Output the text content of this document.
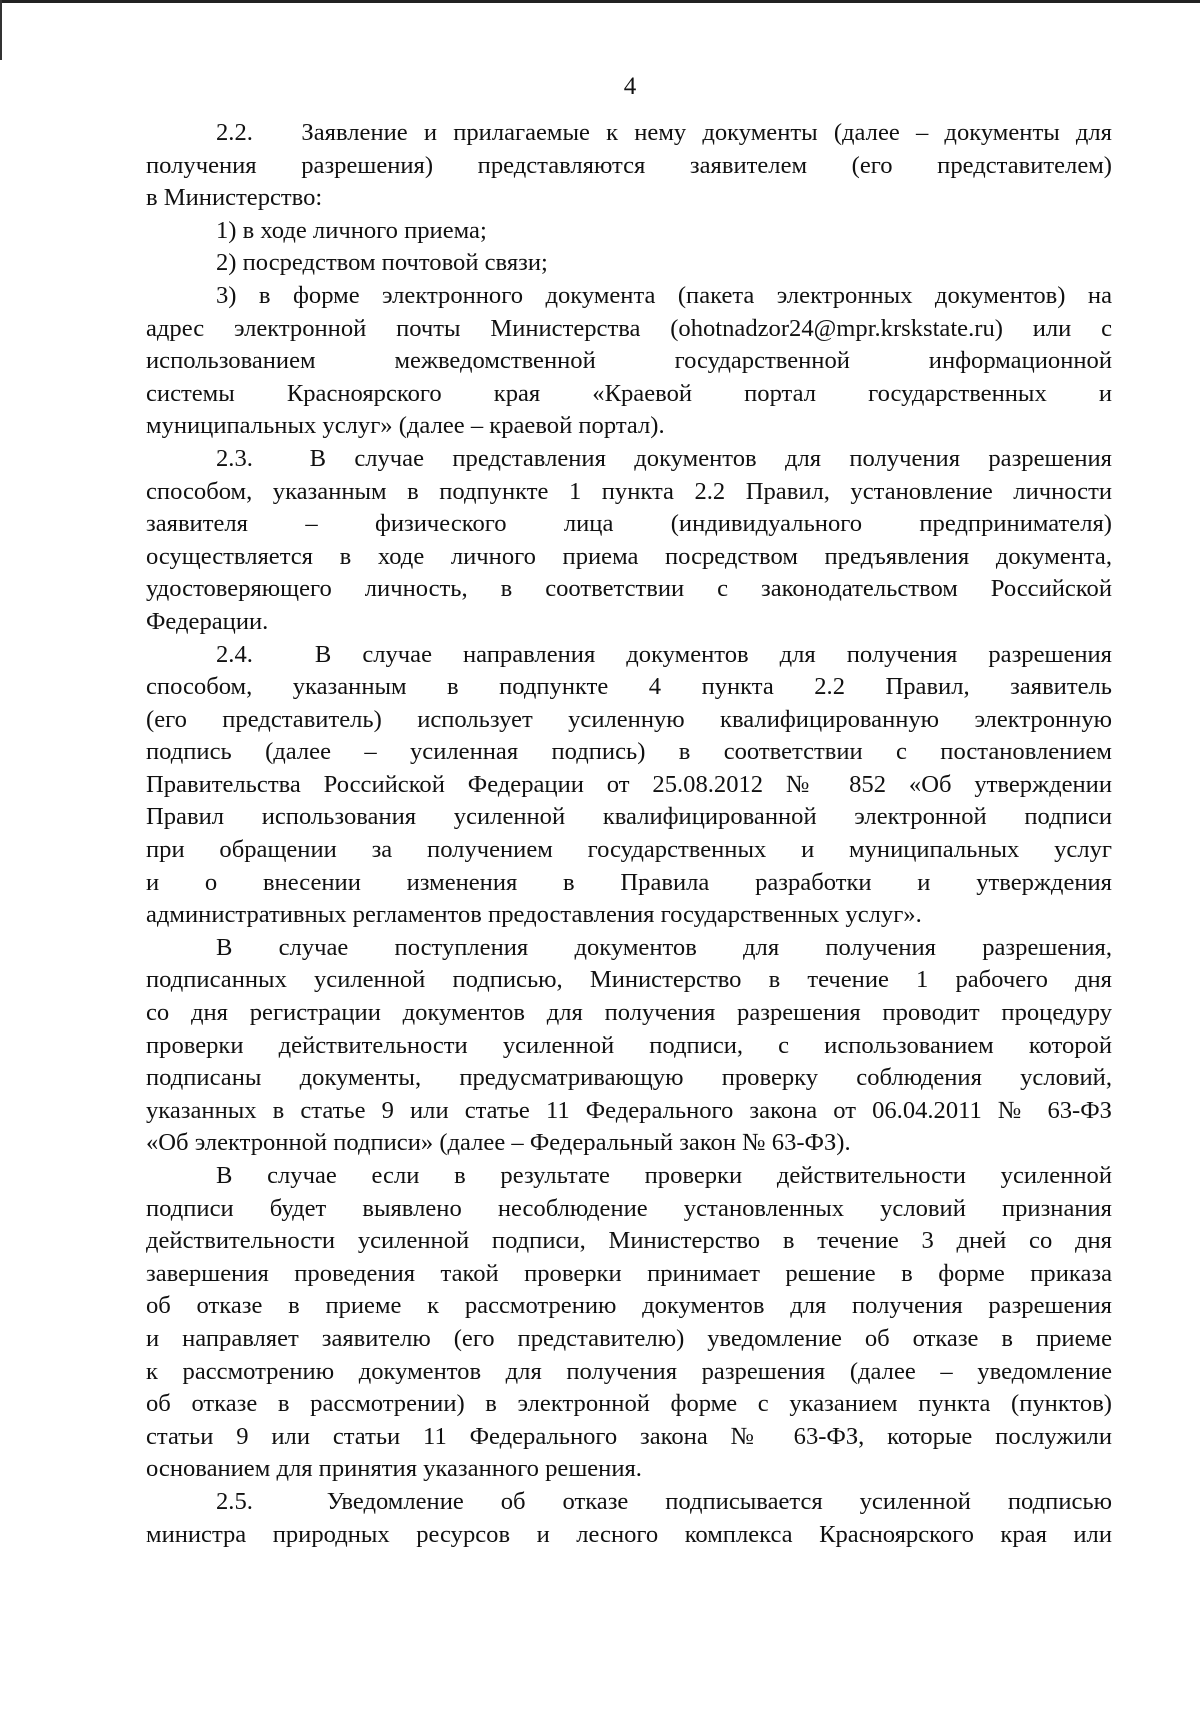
4
2.2.   Заявление и прилагаемые к нему документы (далее – документы для
получения разрешения) представляются заявителем (его представителем)
в Министерство:
1) в ходе личного приема;
2) посредством почтовой связи;
3) в форме электронного документа (пакета электронных документов) на
адрес электронной почты Министерства (ohotnadzor24@mpr.krskstate.ru) или с
использованием межведомственной государственной информационной
системы Красноярского края «Краевой портал государственных и
муниципальных услуг» (далее – краевой портал).
2.3.  В случае представления документов для получения разрешения
способом, указанным в подпункте 1 пункта 2.2 Правил, установление личности
заявителя – физического лица (индивидуального предпринимателя)
осуществляется в ходе личного приема посредством предъявления документа,
удостоверяющего личность, в соответствии с законодательством Российской
Федерации.
2.4.  В случае направления документов для получения разрешения
способом, указанным в подпункте 4 пункта 2.2 Правил, заявитель
(его представитель) использует усиленную квалифицированную электронную
подпись (далее – усиленная подпись) в соответствии с постановлением
Правительства Российской Федерации от 25.08.2012 № 852 «Об утверждении
Правил использования усиленной квалифицированной электронной подписи
при обращении за получением государственных и муниципальных услуг
и о внесении изменения в Правила разработки и утверждения
административных регламентов предоставления государственных услуг».
В случае поступления документов для получения разрешения,
подписанных усиленной подписью, Министерство в течение 1 рабочего дня
со дня регистрации документов для получения разрешения проводит процедуру
проверки действительности усиленной подписи, с использованием которой
подписаны документы, предусматривающую проверку соблюдения условий,
указанных в статье 9 или статье 11 Федерального закона от 06.04.2011 № 63-ФЗ
«Об электронной подписи» (далее – Федеральный закон № 63-ФЗ).
В случае если в результате проверки действительности усиленной
подписи будет выявлено несоблюдение установленных условий признания
действительности усиленной подписи, Министерство в течение 3 дней со дня
завершения проведения такой проверки принимает решение в форме приказа
об отказе в приеме к рассмотрению документов для получения разрешения
и направляет заявителю (его представителю) уведомление об отказе в приеме
к рассмотрению документов для получения разрешения (далее – уведомление
об отказе в рассмотрении) в электронной форме с указанием пункта (пунктов)
статьи 9 или статьи 11 Федерального закона № 63-ФЗ, которые послужили
основанием для принятия указанного решения.
2.5.  Уведомление об отказе подписывается усиленной подписью
министра природных ресурсов и лесного комплекса Красноярского края или
